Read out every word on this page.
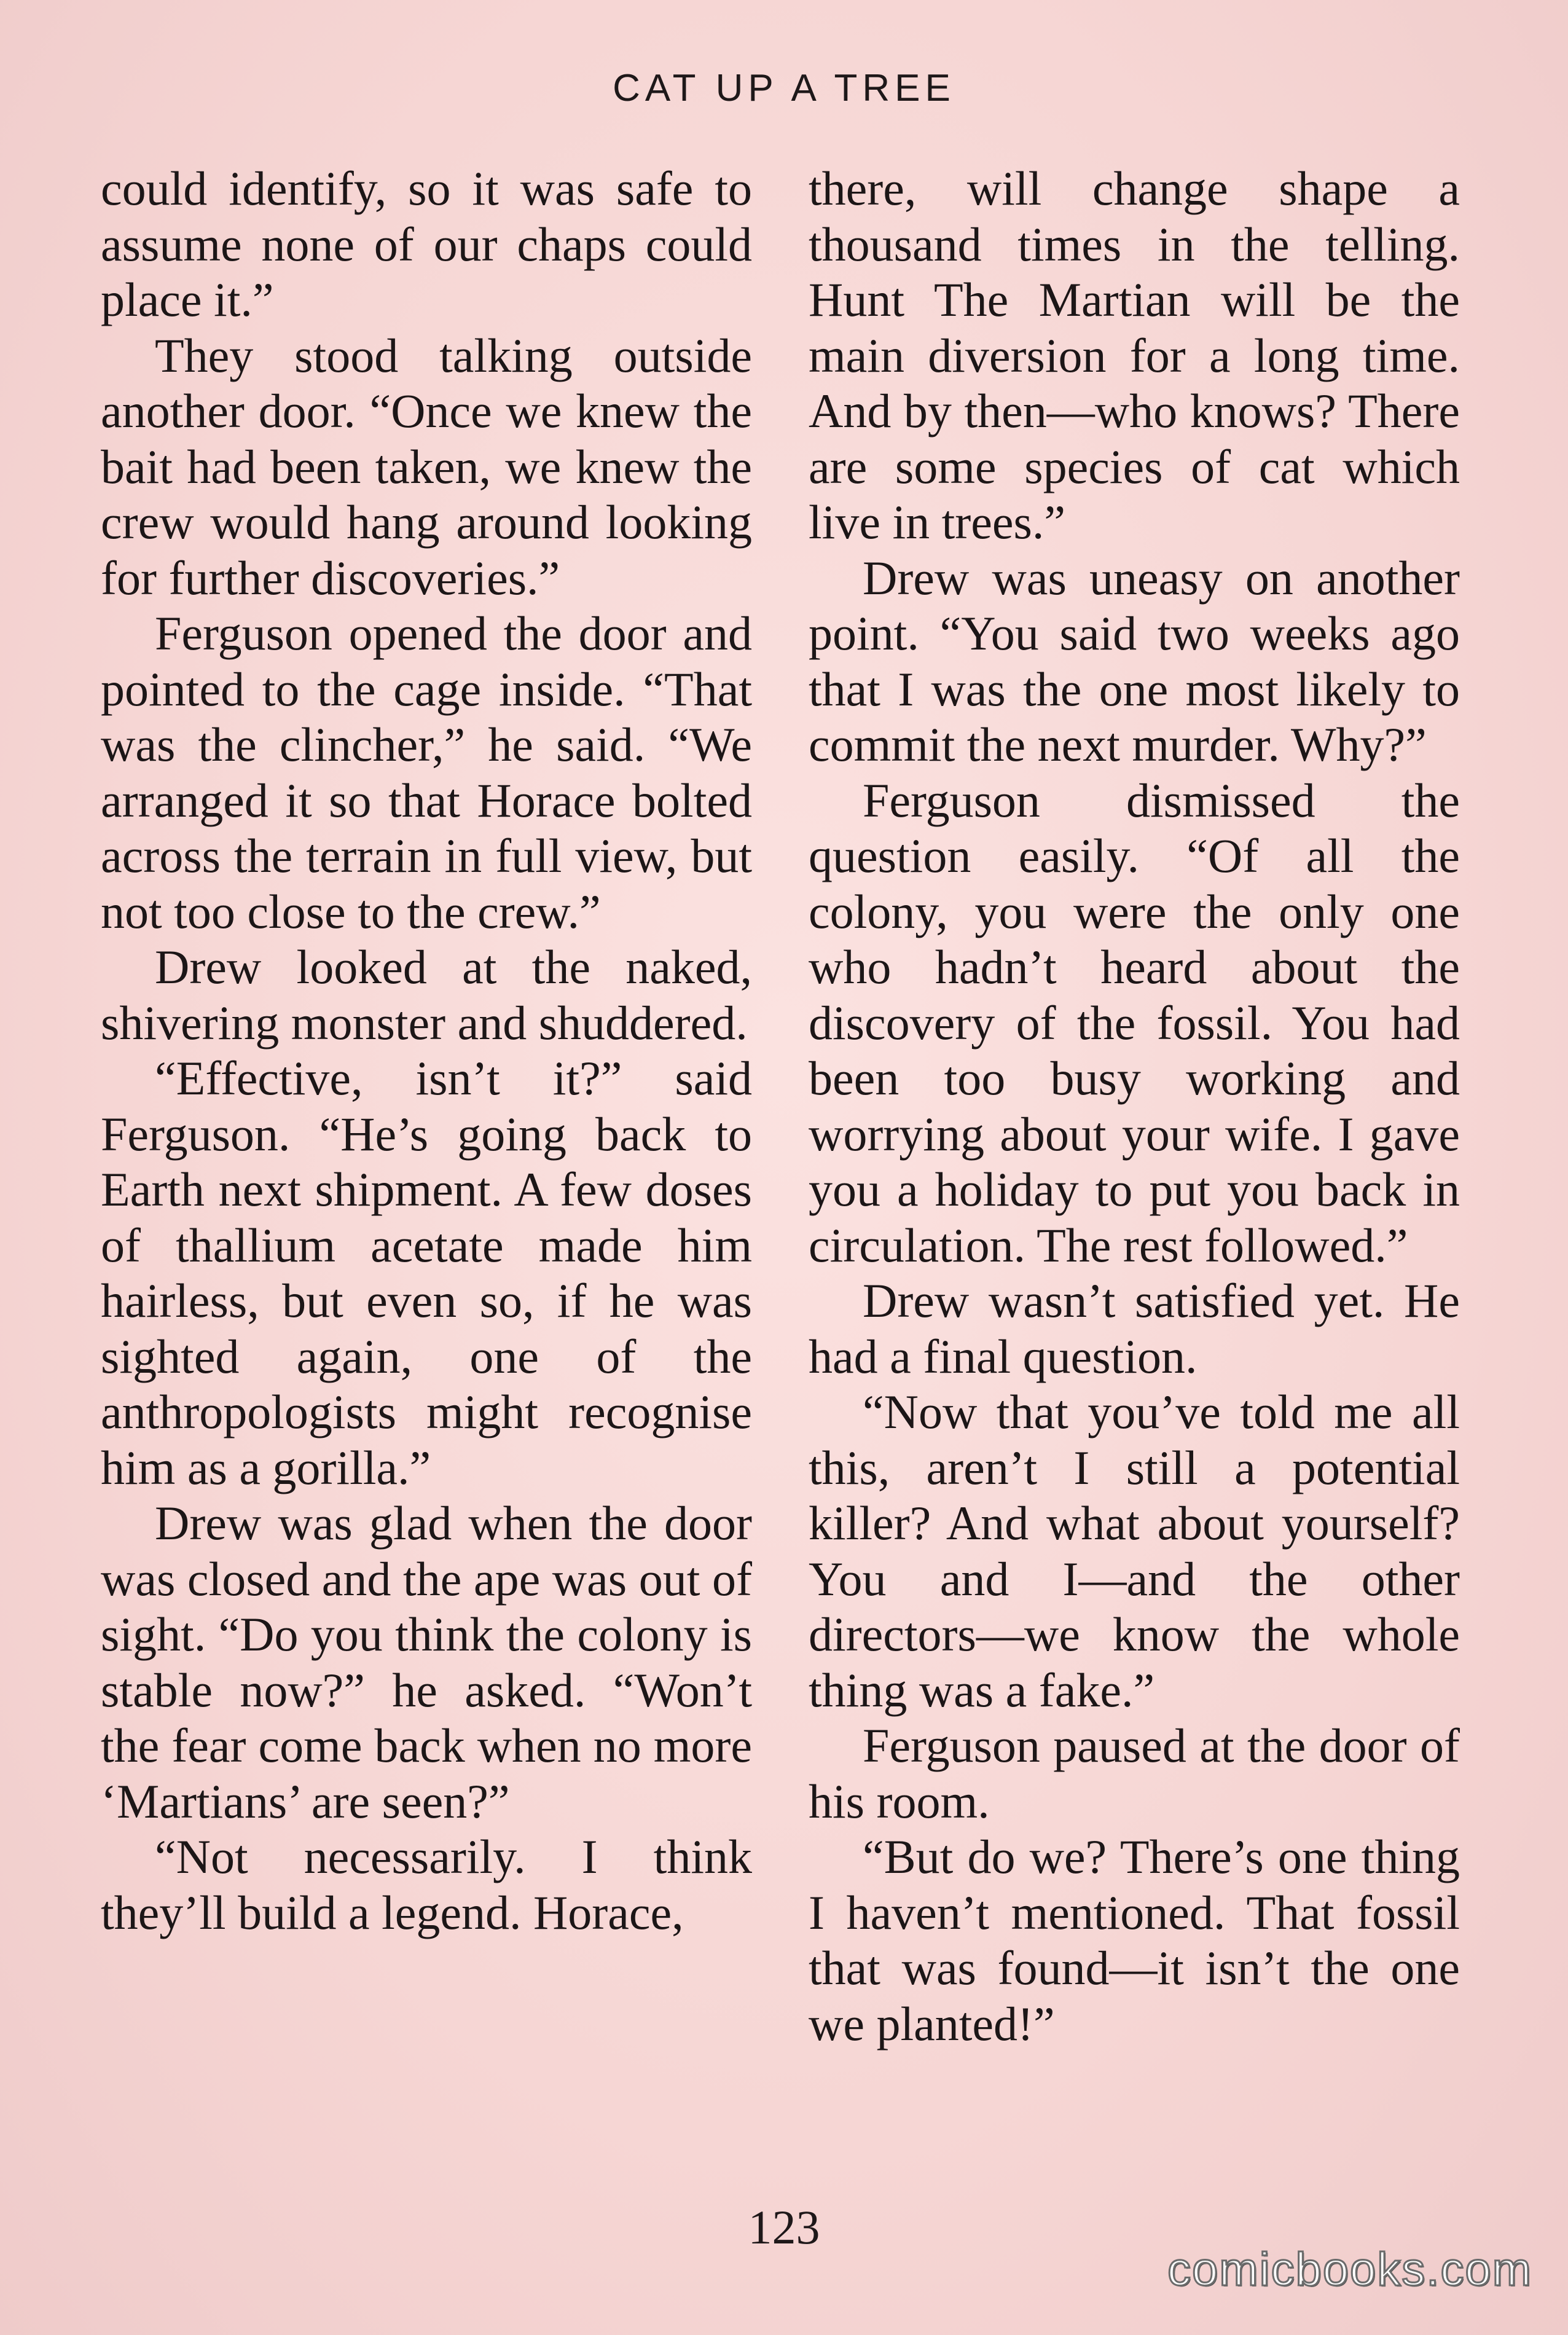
CAT UP A TREE

could identify, so it was safe to assume none of our chaps could place it.”

They stood talking outside another door. “Once we knew the bait had been taken, we knew the crew would hang around looking for further discoveries.”

Ferguson opened the door and pointed to the cage inside. “That was the clincher,” he said. “We arranged it so that Horace bolted across the terrain in full view, but not too close to the crew.”

Drew looked at the naked, shivering monster and shuddered.

“Effective, isn’t it?” said Ferguson. “He’s going back to Earth next shipment. A few doses of thallium acetate made him hairless, but even so, if he was sighted again, one of the anthropologists might recognise him as a gorilla.”

Drew was glad when the door was closed and the ape was out of sight. “Do you think the colony is stable now?” he asked. “Won’t the fear come back when no more ‘Martians’ are seen?”

“Not necessarily. I think they’ll build a legend. Horace,

there, will change shape a thousand times in the telling. Hunt The Martian will be the main diversion for a long time. And by then—who knows? There are some species of cat which live in trees.”

Drew was uneasy on another point. “You said two weeks ago that I was the one most likely to commit the next murder. Why?”

Ferguson dismissed the question easily. “Of all the colony, you were the only one who hadn’t heard about the discovery of the fossil. You had been too busy working and worrying about your wife. I gave you a holiday to put you back in circulation. The rest followed.”

Drew wasn’t satisfied yet. He had a final question.

“Now that you’ve told me all this, aren’t I still a potential killer? And what about yourself? You and I—and the other directors—we know the whole thing was a fake.”

Ferguson paused at the door of his room.

“But do we? There’s one thing I haven’t mentioned. That fossil that was found—it isn’t the one we planted!”

123
comicbooks.com
